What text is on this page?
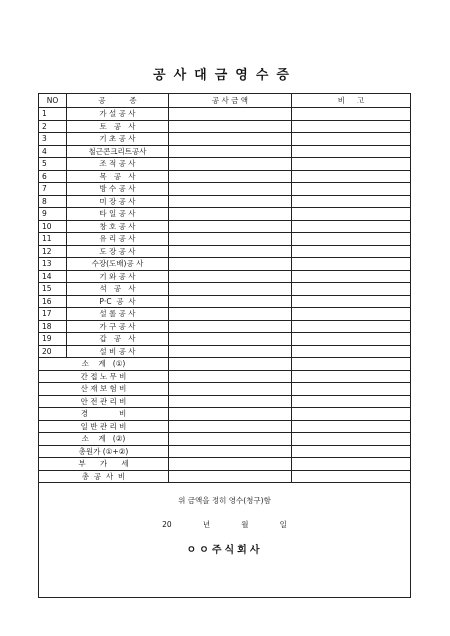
공사대금영수증
NO	공          종	공 사 금 액	비     고
1	가 설 공 사		
2	토   공   사		
3	기 초 공 사		
4	철근콘크리트공사		
5	조 적 공 사		
6	목   공   사		
7	방 수 공 사		
8	미 장 공 사		
9	타 일 공 사		
10	창 호 공 사		
11	유 리 공 사		
12	도 장 공 사		
13	수장(도배)공 사		
14	기 와 공 사		
15	석   공   사		
16	P·C  공  사		
17	설 롤 공 사		
18	가 구 공 사		
19	갑   공   사		
20	설 비 공 사		
소    계   (①)			
간 접 노 무 비			
산 재 보 험 비			
안 전 관 리 비			
경             비			
일 반 관 리 비			
소    계   (②)			
총원가 (①+②)			
부      가      세			
총  공  사  비			

위 금액을 정히 영수(청구)함
20   년   월   일
ㅇㅇ주식회사			
